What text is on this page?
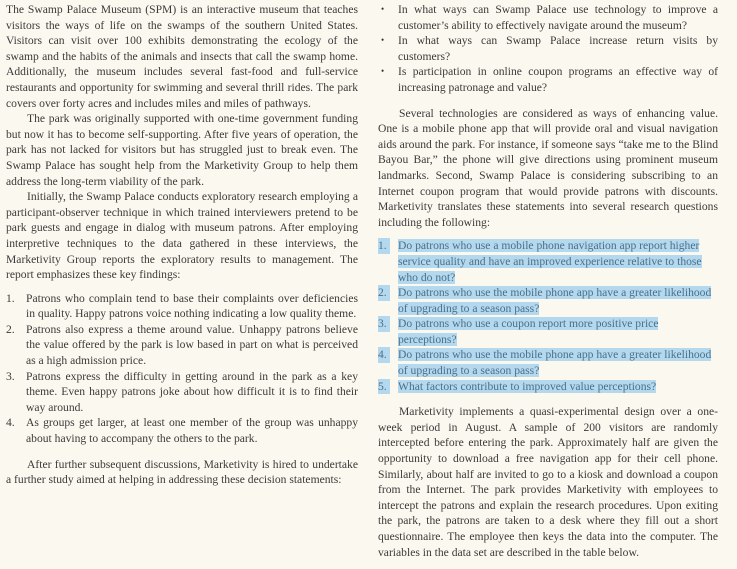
The Swamp Palace Museum (SPM) is an interactive museum that teaches visitors the ways of life on the swamps of the southern United States. Visitors can visit over 100 exhibits demonstrating the ecology of the swamp and the habits of the animals and insects that call the swamp home. Additionally, the museum includes several fast-food and full-service restaurants and opportunity for swimming and several thrill rides. The park covers over forty acres and includes miles and miles of pathways.

The park was originally supported with one-time government funding but now it has to become self-supporting. After five years of operation, the park has not lacked for visitors but has struggled just to break even. The Swamp Palace has sought help from the Marketivity Group to help them address the long-term viability of the park.

Initially, the Swamp Palace conducts exploratory research employing a participant-observer technique in which trained interviewers pretend to be park guests and engage in dialog with museum patrons. After employing interpretive techniques to the data gathered in these interviews, the Marketivity Group reports the exploratory results to management. The report emphasizes these key findings:

1. Patrons who complain tend to base their complaints over deficiencies in quality. Happy patrons voice nothing indicating a low quality theme.
2. Patrons also express a theme around value. Unhappy patrons believe the value offered by the park is low based in part on what is perceived as a high admission price.
3. Patrons express the difficulty in getting around in the park as a key theme. Even happy patrons joke about how difficult it is to find their way around.
4. As groups get larger, at least one member of the group was unhappy about having to accompany the others to the park.

After further subsequent discussions, Marketivity is hired to undertake a further study aimed at helping in addressing these decision statements:

• In what ways can Swamp Palace use technology to improve a customer’s ability to effectively navigate around the museum?
• In what ways can Swamp Palace increase return visits by customers?
• Is participation in online coupon programs an effective way of increasing patronage and value?

Several technologies are considered as ways of enhancing value. One is a mobile phone app that will provide oral and visual navigation aids around the park. For instance, if someone says “take me to the Blind Bayou Bar,” the phone will give directions using prominent museum landmarks. Second, Swamp Palace is considering subscribing to an Internet coupon program that would provide patrons with discounts. Marketivity translates these statements into several research questions including the following:

1. Do patrons who use a mobile phone navigation app report higher service quality and have an improved experience relative to those who do not?
2. Do patrons who use the mobile phone app have a greater likelihood of upgrading to a season pass?
3. Do patrons who use a coupon report more positive price perceptions?
4. Do patrons who use the mobile phone app have a greater likelihood of upgrading to a season pass?
5. What factors contribute to improved value perceptions?

Marketivity implements a quasi-experimental design over a one-week period in August. A sample of 200 visitors are randomly intercepted before entering the park. Approximately half are given the opportunity to download a free navigation app for their cell phone. Similarly, about half are invited to go to a kiosk and download a coupon from the Internet. The park provides Marketivity with employees to intercept the patrons and explain the research procedures. Upon exiting the park, the patrons are taken to a desk where they fill out a short questionnaire. The employee then keys the data into the computer. The variables in the data set are described in the table below.
